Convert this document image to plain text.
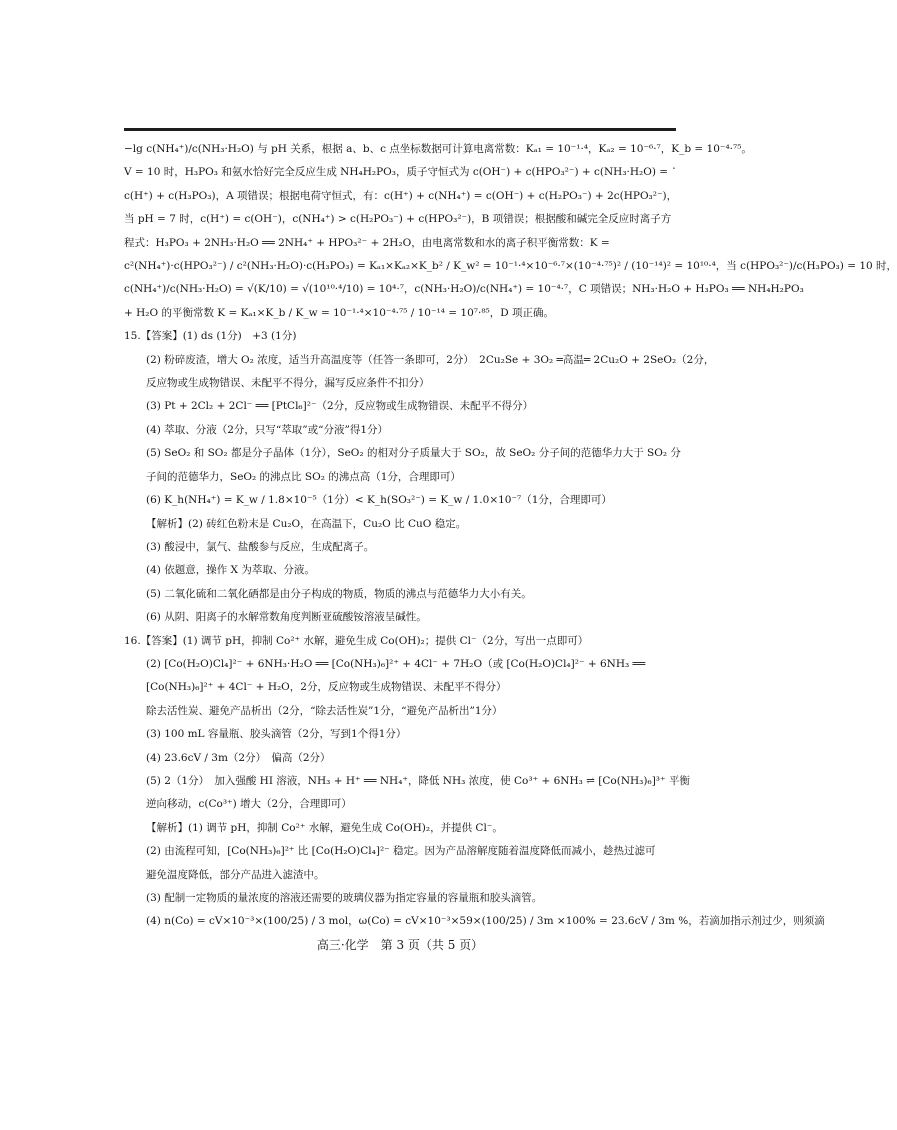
.
−lg c(NH₄⁺)/c(NH₃·H₂O) 与 pH 关系，根据 a、b、c 点坐标数据可计算电离常数：Kₐ₁ = 10⁻¹·⁴，Kₐ₂ = 10⁻⁶·⁷，K_b = 10⁻⁴·⁷⁵。
V = 10 时，H₃PO₃ 和氨水恰好完全反应生成 NH₄H₂PO₃，质子守恒式为 c(OH⁻) + c(HPO₃²⁻) + c(NH₃·H₂O) =
c(H⁺) + c(H₃PO₃)，A 项错误；根据电荷守恒式，有：c(H⁺) + c(NH₄⁺) = c(OH⁻) + c(H₂PO₃⁻) + 2c(HPO₃²⁻)，
当 pH = 7 时，c(H⁺) = c(OH⁻)，c(NH₄⁺) > c(H₂PO₃⁻) + c(HPO₃²⁻)，B 项错误；根据酸和碱完全反应时离子方
程式：H₃PO₃ + 2NH₃·H₂O ══ 2NH₄⁺ + HPO₃²⁻ + 2H₂O，由电离常数和水的离子积平衡常数：K =
c²(NH₄⁺)·c(HPO₃²⁻) / c²(NH₃·H₂O)·c(H₃PO₃) = Kₐ₁×Kₐ₂×K_b² / K_w² = 10⁻¹·⁴×10⁻⁶·⁷×(10⁻⁴·⁷⁵)² / (10⁻¹⁴)² = 10¹⁰·⁴，当 c(HPO₃²⁻)/c(H₃PO₃) = 10 时，
c(NH₄⁺)/c(NH₃·H₂O) = √(K/10) = √(10¹⁰·⁴/10) = 10⁴·⁷，c(NH₃·H₂O)/c(NH₄⁺) = 10⁻⁴·⁷，C 项错误；NH₃·H₂O + H₃PO₃ ══ NH₄H₂PO₃
+ H₂O 的平衡常数 K = Kₐ₁×K_b / K_w = 10⁻¹·⁴×10⁻⁴·⁷⁵ / 10⁻¹⁴ = 10⁷·⁸⁵，D 项正确。
15.【答案】(1) ds (1分)　+3 (1分)
(2) 粉碎废渣，增大 O₂ 浓度，适当升高温度等（任答一条即可，2分）　2Cu₂Se + 3O₂ ═高温═ 2Cu₂O + 2SeO₂（2分，
反应物或生成物错误、未配平不得分，漏写反应条件不扣分）
(3) Pt + 2Cl₂ + 2Cl⁻ ══ [PtCl₆]²⁻（2分，反应物或生成物错误、未配平不得分）
(4) 萃取、分液（2分，只写“萃取”或“分液”得1分）
(5) SeO₂ 和 SO₂ 都是分子晶体（1分），SeO₂ 的相对分子质量大于 SO₂，故 SeO₂ 分子间的范德华力大于 SO₂ 分
子间的范德华力，SeO₂ 的沸点比 SO₂ 的沸点高（1分，合理即可）
(6) K_h(NH₄⁺) = K_w / 1.8×10⁻⁵（1分）< K_h(SO₃²⁻) = K_w / 1.0×10⁻⁷（1分，合理即可）
【解析】(2) 砖红色粉末是 Cu₂O，在高温下，Cu₂O 比 CuO 稳定。
(3) 酸浸中，氯气、盐酸参与反应，生成配离子。
(4) 依题意，操作 X 为萃取、分液。
(5) 二氧化硫和二氧化硒都是由分子构成的物质，物质的沸点与范德华力大小有关。
(6) 从阴、阳离子的水解常数角度判断亚硫酸铵溶液呈碱性。
16.【答案】(1) 调节 pH，抑制 Co²⁺ 水解，避免生成 Co(OH)₂；提供 Cl⁻（2分，写出一点即可）
(2) [Co(H₂O)Cl₄]²⁻ + 6NH₃·H₂O ══ [Co(NH₃)₆]²⁺ + 4Cl⁻ + 7H₂O（或 [Co(H₂O)Cl₄]²⁻ + 6NH₃ ══
[Co(NH₃)₆]²⁺ + 4Cl⁻ + H₂O，2分，反应物或生成物错误、未配平不得分）
除去活性炭、避免产品析出（2分，“除去活性炭”1分，“避免产品析出”1分）
(3) 100 mL 容量瓶、胶头滴管（2分，写到1个得1分）
(4) 23.6cV / 3m（2分）　偏高（2分）
(5) 2（1分）　加入强酸 HI 溶液，NH₃ + H⁺ ══ NH₄⁺，降低 NH₃ 浓度，使 Co³⁺ + 6NH₃ ⇌ [Co(NH₃)₆]³⁺ 平衡
逆向移动，c(Co³⁺) 增大（2分，合理即可）
【解析】(1) 调节 pH，抑制 Co²⁺ 水解，避免生成 Co(OH)₂，并提供 Cl⁻。
(2) 由流程可知，[Co(NH₃)₆]²⁺ 比 [Co(H₂O)Cl₄]²⁻ 稳定。因为产品溶解度随着温度降低而减小，趁热过滤可
避免温度降低，部分产品进入滤渣中。
(3) 配制一定物质的量浓度的溶液还需要的玻璃仪器为指定容量的容量瓶和胶头滴管。
(4) n(Co) = cV×10⁻³×(100/25) / 3 mol，ω(Co) = cV×10⁻³×59×(100/25) / 3m ×100% = 23.6cV / 3m %，若滴加指示剂过少，则须滴
高三·化学　第 3 页（共 5 页）
